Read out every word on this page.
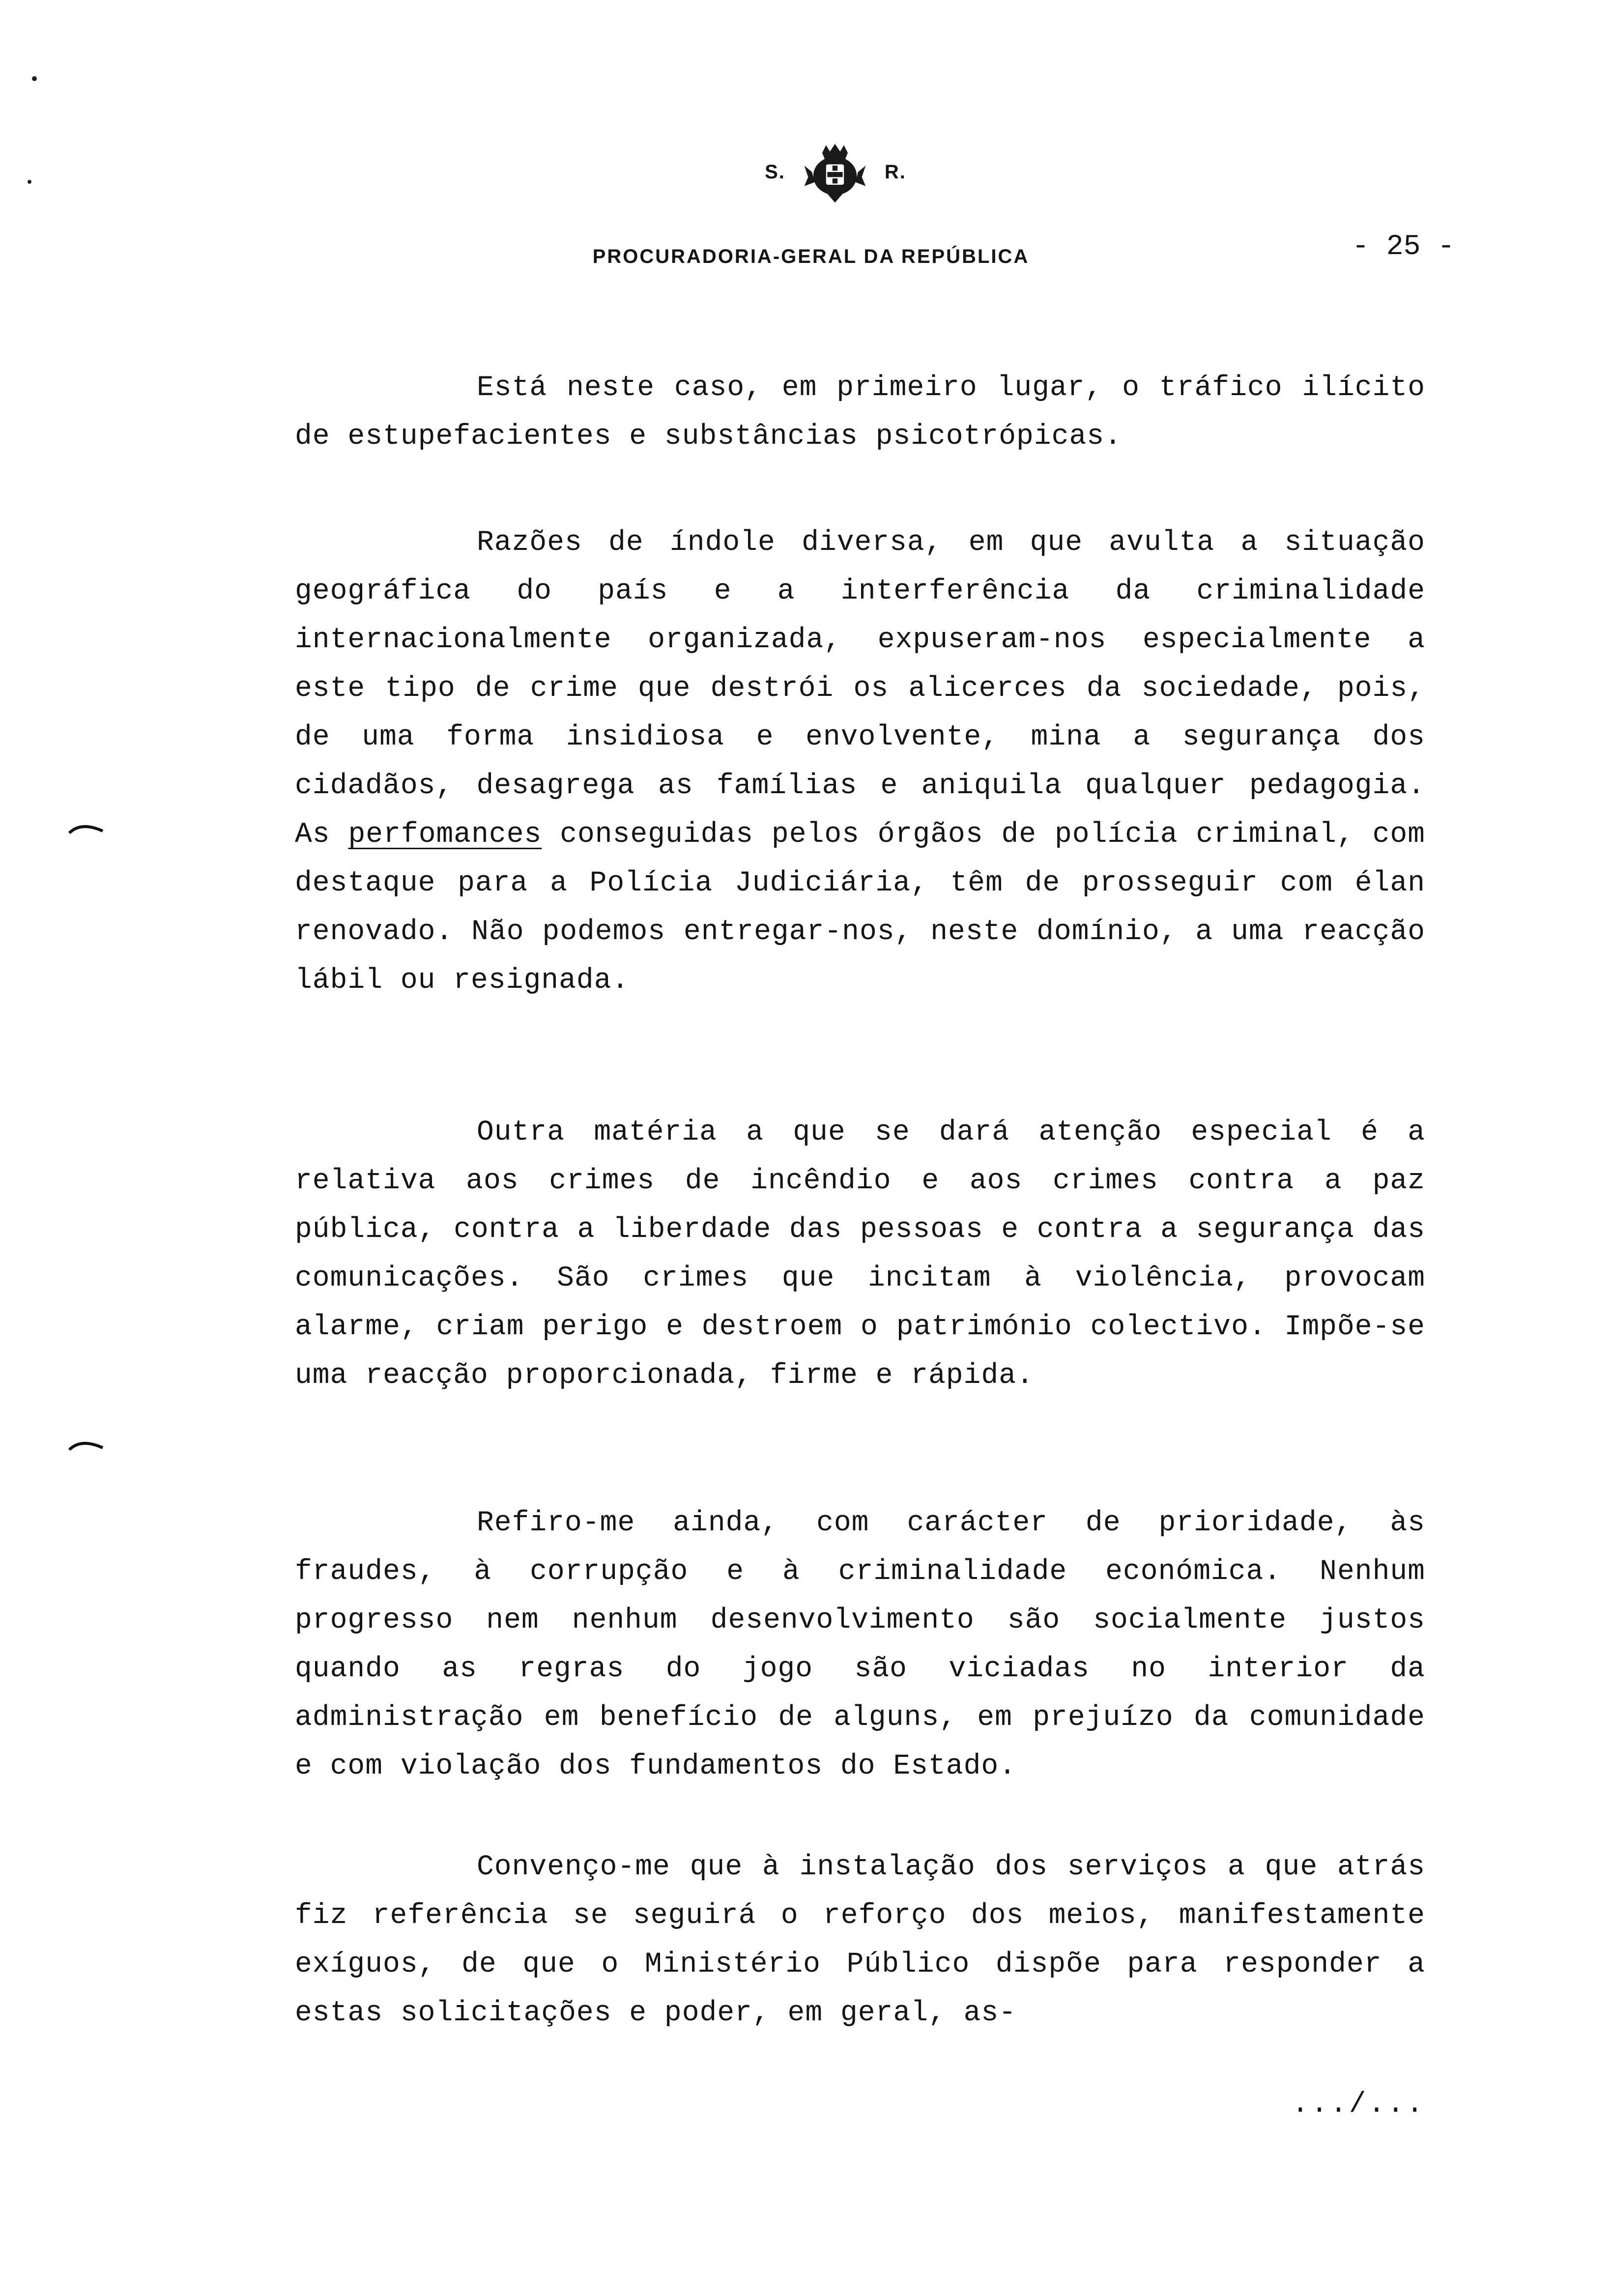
S.	R.
PROCURADORIA-GERAL DA REPÚBLICA	- 25 -

Está neste caso, em primeiro lugar, o tráfico ilícito de estupefacientes e substâncias psicotrópicas.

Razões de índole diversa, em que avulta a situação geográfica do país e a interferência da criminalidade internacionalmente organizada, expuseram-nos especialmente a este tipo de crime que destrói os alicerces da sociedade, pois, de uma forma insidiosa e envolvente, mina a segurança dos cidadãos, desagrega as famílias e aniquila qualquer pedagogia. As perfomances conseguidas pelos órgãos de polícia criminal, com destaque para a Polícia Judiciária, têm de prosseguir com élan renovado. Não podemos entregar-nos, neste domínio, a uma reacção lábil ou resignada.

Outra matéria a que se dará atenção especial é a relativa aos crimes de incêndio e aos crimes contra a paz pública, contra a liberdade das pessoas e contra a segurança das comunicações. São crimes que incitam à violência, provocam alarme, criam perigo e destroem o património colectivo. Impõe-se uma reacção proporcionada, firme e rápida.

Refiro-me ainda, com carácter de prioridade, às fraudes, à corrupção e à criminalidade económica. Nenhum progresso nem nenhum desenvolvimento são socialmente justos quando as regras do jogo são viciadas no interior da administração em benefício de alguns, em prejuízo da comunidade e com violação dos fundamentos do Estado.

Convenço-me que à instalação dos serviços a que atrás fiz referência se seguirá o reforço dos meios, manifestamente exíguos, de que o Ministério Público dispõe para responder a estas solicitações e poder, em geral, as-

.../...
